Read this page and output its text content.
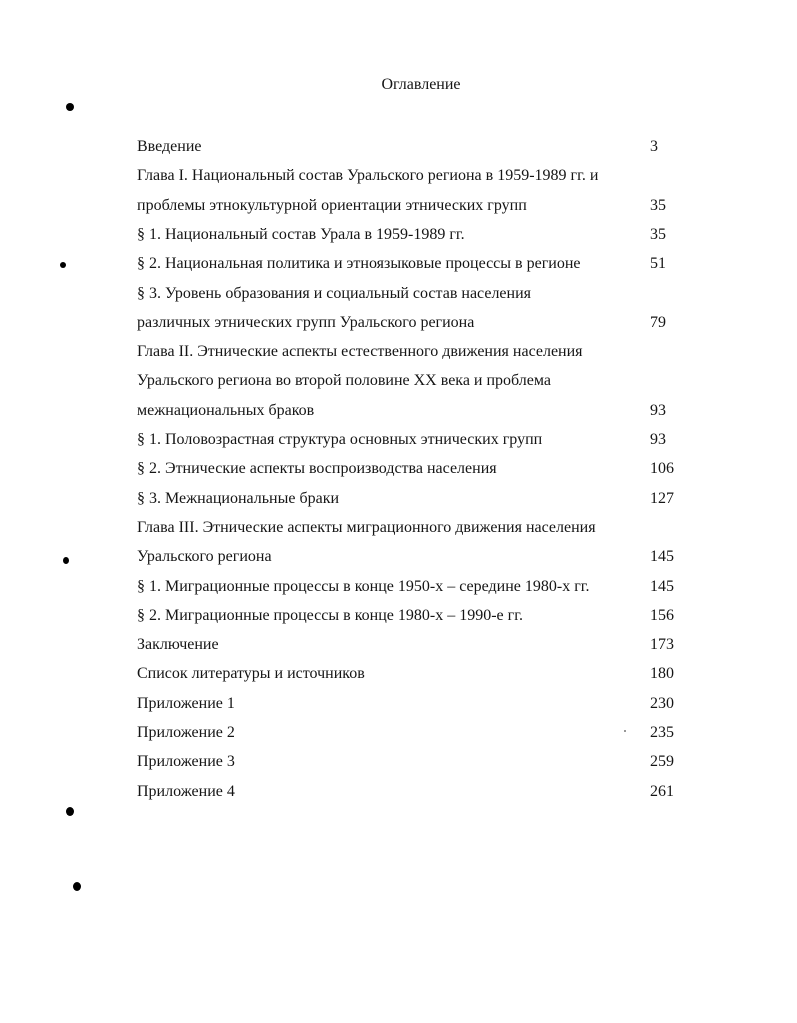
Оглавление
Введение	3
Глава I. Национальный состав Уральского региона в 1959-1989 гг. и
проблемы этнокультурной ориентации этнических групп	35
§ 1. Национальный состав Урала в 1959-1989 гг.	35
§ 2. Национальная политика и этноязыковые процессы в регионе	51
§ 3. Уровень образования и социальный состав населения
различных этнических групп Уральского региона	79
Глава II. Этнические аспекты естественного движения населения
Уральского региона во второй половине XX века и проблема
межнациональных браков	93
§ 1. Половозрастная структура основных этнических групп	93
§ 2. Этнические аспекты воспроизводства населения	106
§ 3. Межнациональные браки	127
Глава III. Этнические аспекты миграционного движения населения
Уральского региона	145
§ 1. Миграционные процессы в конце 1950-х – середине 1980-х гг.	145
§ 2. Миграционные процессы в конце 1980-х – 1990-е гг.	156
Заключение	173
Список литературы и источников	180
Приложение 1	230
Приложение 2	235
Приложение 3	259
Приложение 4	261
